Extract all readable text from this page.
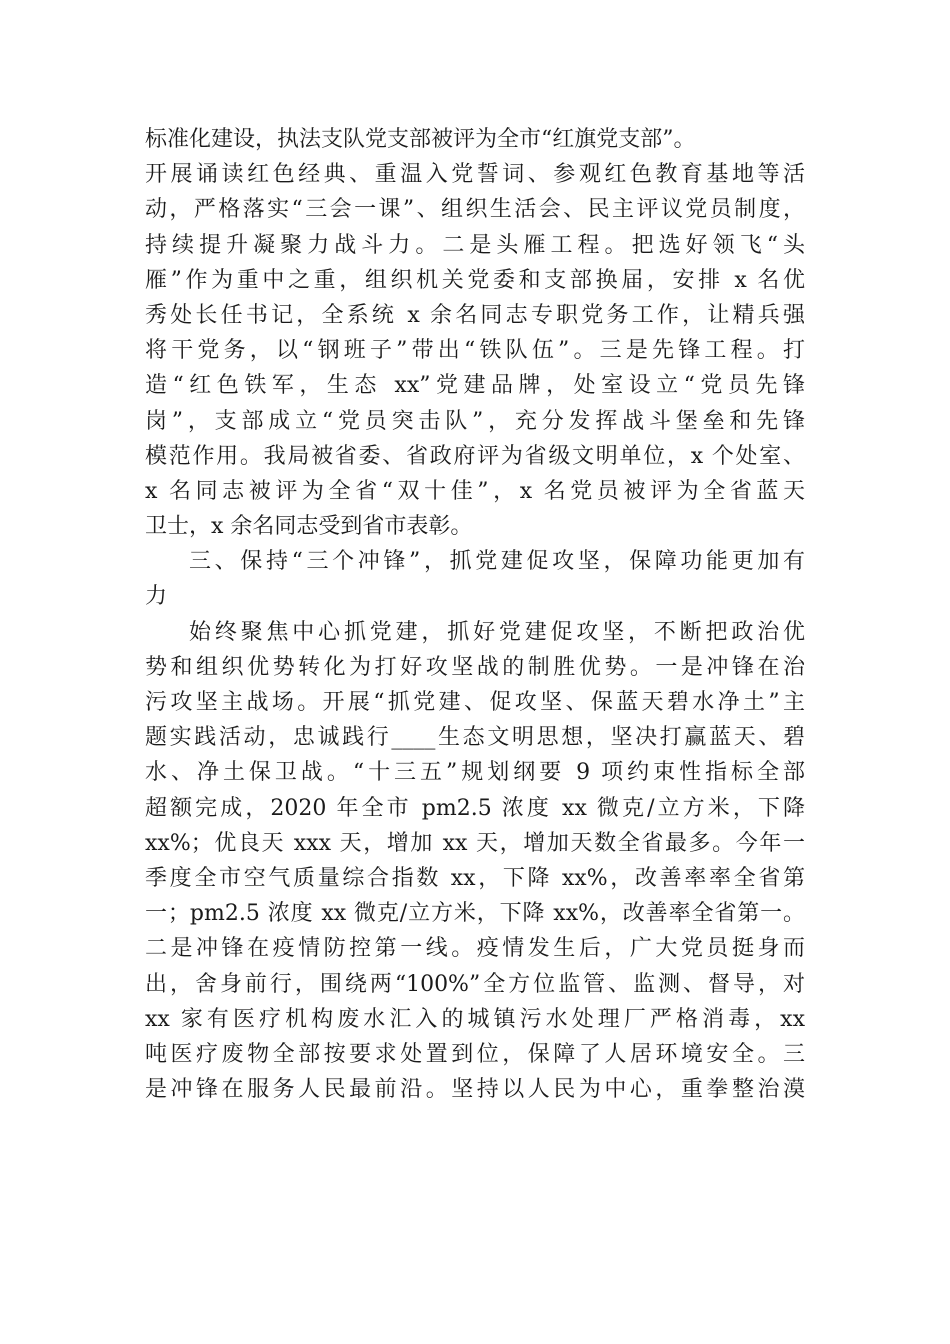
标准化建设，执法支队党支部被评为全市“红旗党支部”。
开展诵读红色经典、重温入党誓词、参观红色教育基地等活
动，严格落实“三会一课”、组织生活会、民主评议党员制度，
持续提升凝聚力战斗力。二是头雁工程。把选好领飞“头
雁”作为重中之重，组织机关党委和支部换届，安排 x 名优
秀处长任书记，全系统 x 余名同志专职党务工作，让精兵强
将干党务，以“钢班子”带出“铁队伍”。三是先锋工程。打
造“红色铁军，生态 xx”党建品牌，处室设立“党员先锋
岗”，支部成立“党员突击队”，充分发挥战斗堡垒和先锋
模范作用。我局被省委、省政府评为省级文明单位，x 个处室、
x 名同志被评为全省“双十佳”，x 名党员被评为全省蓝天
卫士，x 余名同志受到省市表彰。
三、保持“三个冲锋”，抓党建促攻坚，保障功能更加有
力
始终聚焦中心抓党建，抓好党建促攻坚，不断把政治优
势和组织优势转化为打好攻坚战的制胜优势。一是冲锋在治
污攻坚主战场。开展“抓党建、促攻坚、保蓝天碧水净土”主
题实践活动，忠诚践行____生态文明思想，坚决打赢蓝天、碧
水、净土保卫战。“十三五”规划纲要 9 项约束性指标全部
超额完成，2020 年全市 pm2.5 浓度 xx 微克/立方米，下降
xx%；优良天 xxx 天，增加 xx 天，增加天数全省最多。今年一
季度全市空气质量综合指数 xx，下降 xx%，改善率率全省第
一；pm2.5 浓度 xx 微克/立方米，下降 xx%，改善率全省第一。
二是冲锋在疫情防控第一线。疫情发生后，广大党员挺身而
出，舍身前行，围绕两“100%”全方位监管、监测、督导，对
xx 家有医疗机构废水汇入的城镇污水处理厂严格消毒，xx
吨医疗废物全部按要求处置到位，保障了人居环境安全。三
是冲锋在服务人民最前沿。坚持以人民为中心，重拳整治漠
